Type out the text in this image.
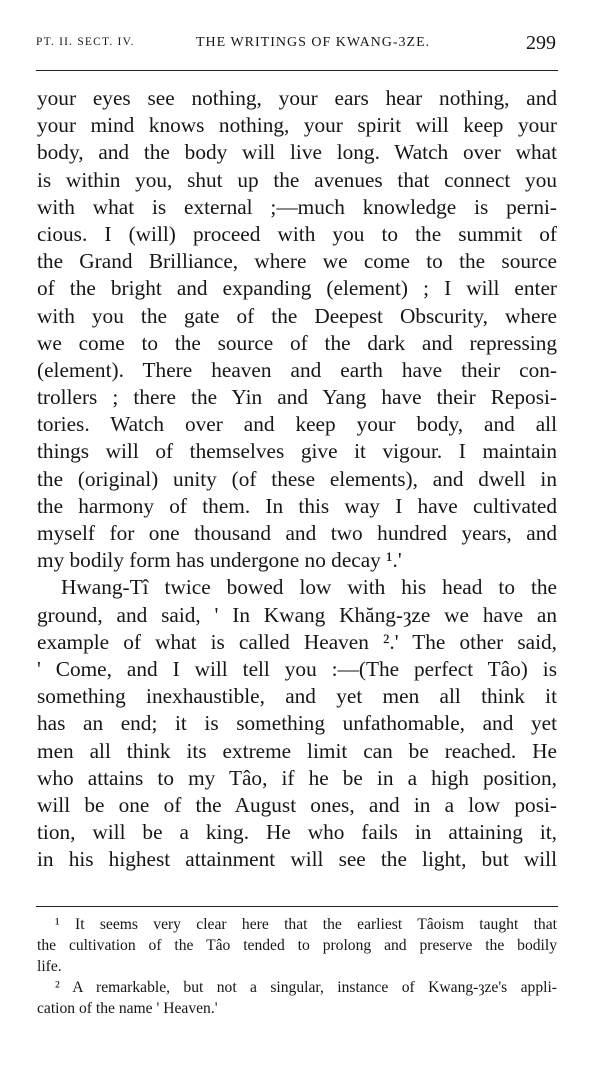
PT. II. SECT. IV.	THE WRITINGS OF KWANG-3ZE.	299
your eyes see nothing, your ears hear nothing, and
your mind knows nothing, your spirit will keep your
body, and the body will live long. Watch over what
is within you, shut up the avenues that connect you
with what is external ;—much knowledge is perni-
cious. I (will) proceed with you to the summit of
the Grand Brilliance, where we come to the source
of the bright and expanding (element) ; I will enter
with you the gate of the Deepest Obscurity, where
we come to the source of the dark and repressing
(element). There heaven and earth have their con-
trollers ; there the Yin and Yang have their Reposi-
tories. Watch over and keep your body, and all
things will of themselves give it vigour. I maintain
the (original) unity (of these elements), and dwell in
the harmony of them. In this way I have cultivated
myself for one thousand and two hundred years, and
my bodily form has undergone no decay ¹.'
Hwang-Tî twice bowed low with his head to the
ground, and said, ' In Kwang Khăng-ȝze we have an
example of what is called Heaven ².' The other said,
' Come, and I will tell you :—(The perfect Tâo) is
something inexhaustible, and yet men all think it
has an end; it is something unfathomable, and yet
men all think its extreme limit can be reached. He
who attains to my Tâo, if he be in a high position,
will be one of the August ones, and in a low posi-
tion, will be a king. He who fails in attaining it,
in his highest attainment will see the light, but will
¹ It seems very clear here that the earliest Tâoism taught that
the cultivation of the Tâo tended to prolong and preserve the bodily
life.
² A remarkable, but not a singular, instance of Kwang-ȝze's appli-
cation of the name ' Heaven.'
